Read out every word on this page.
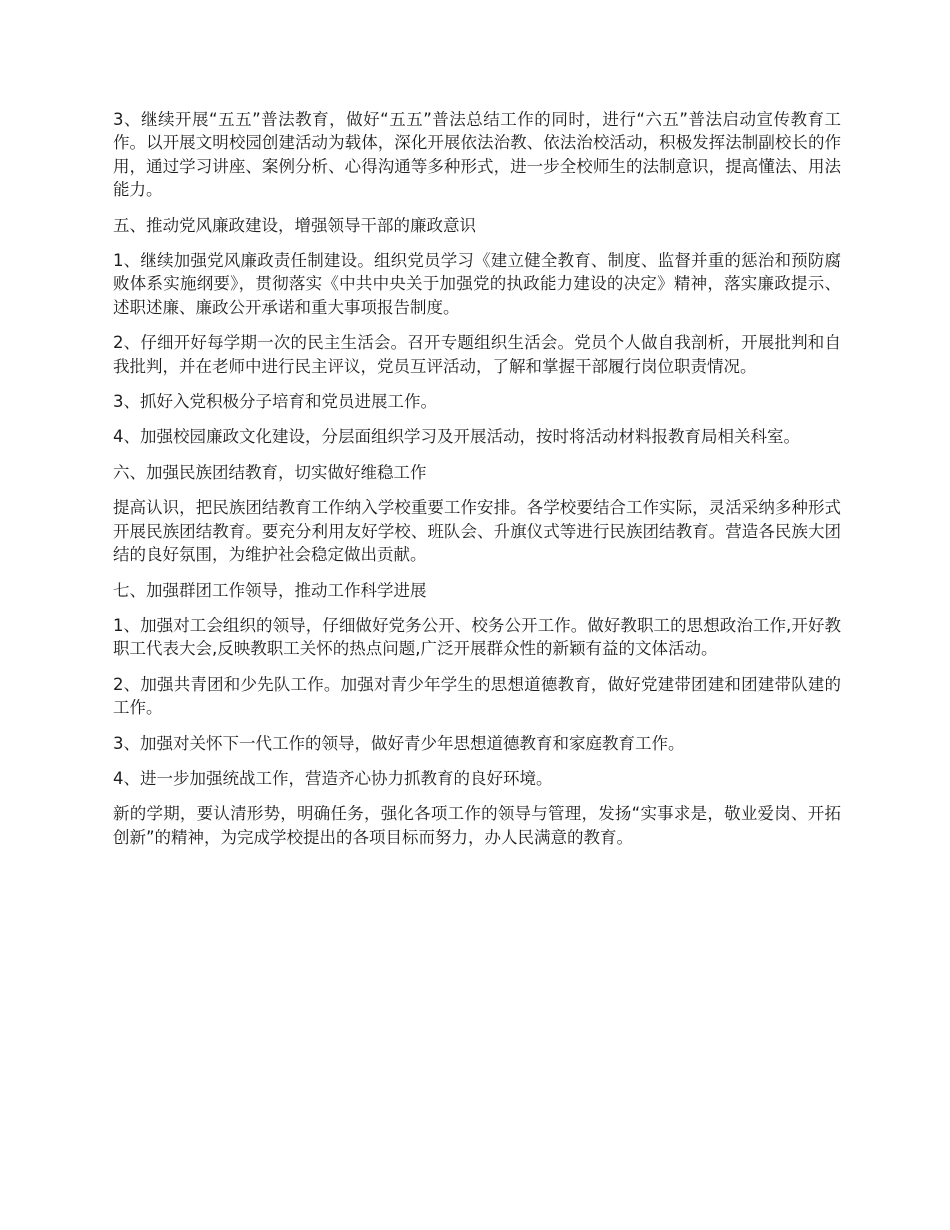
3、继续开展“五五”普法教育，做好“五五”普法总结工作的同时，进行“六五”普法启动宣传教育工作。以开展文明校园创建活动为载体，深化开展依法治教、依法治校活动，积极发挥法制副校长的作用，通过学习讲座、案例分析、心得沟通等多种形式，进一步全校师生的法制意识，提高懂法、用法能力。

五、推动党风廉政建设，增强领导干部的廉政意识

1、继续加强党风廉政责任制建设。组织党员学习《建立健全教育、制度、监督并重的惩治和预防腐败体系实施纲要》，贯彻落实《中共中央关于加强党的执政能力建设的决定》精神，落实廉政提示、述职述廉、廉政公开承诺和重大事项报告制度。

2、仔细开好每学期一次的民主生活会。召开专题组织生活会。党员个人做自我剖析，开展批判和自我批判，并在老师中进行民主评议，党员互评活动，了解和掌握干部履行岗位职责情况。

3、抓好入党积极分子培育和党员进展工作。

4、加强校园廉政文化建设，分层面组织学习及开展活动，按时将活动材料报教育局相关科室。

六、加强民族团结教育，切实做好维稳工作

提高认识，把民族团结教育工作纳入学校重要工作安排。各学校要结合工作实际，灵活采纳多种形式开展民族团结教育。要充分利用友好学校、班队会、升旗仪式等进行民族团结教育。营造各民族大团结的良好氛围，为维护社会稳定做出贡献。

七、加强群团工作领导，推动工作科学进展

1、加强对工会组织的领导，仔细做好党务公开、校务公开工作。做好教职工的思想政治工作,开好教职工代表大会,反映教职工关怀的热点问题,广泛开展群众性的新颖有益的文体活动。

2、加强共青团和少先队工作。加强对青少年学生的思想道德教育，做好党建带团建和团建带队建的工作。

3、加强对关怀下一代工作的领导，做好青少年思想道德教育和家庭教育工作。

4、进一步加强统战工作，营造齐心协力抓教育的良好环境。

新的学期，要认清形势，明确任务，强化各项工作的领导与管理，发扬“实事求是，敬业爱岗、开拓创新”的精神，为完成学校提出的各项目标而努力，办人民满意的教育。
